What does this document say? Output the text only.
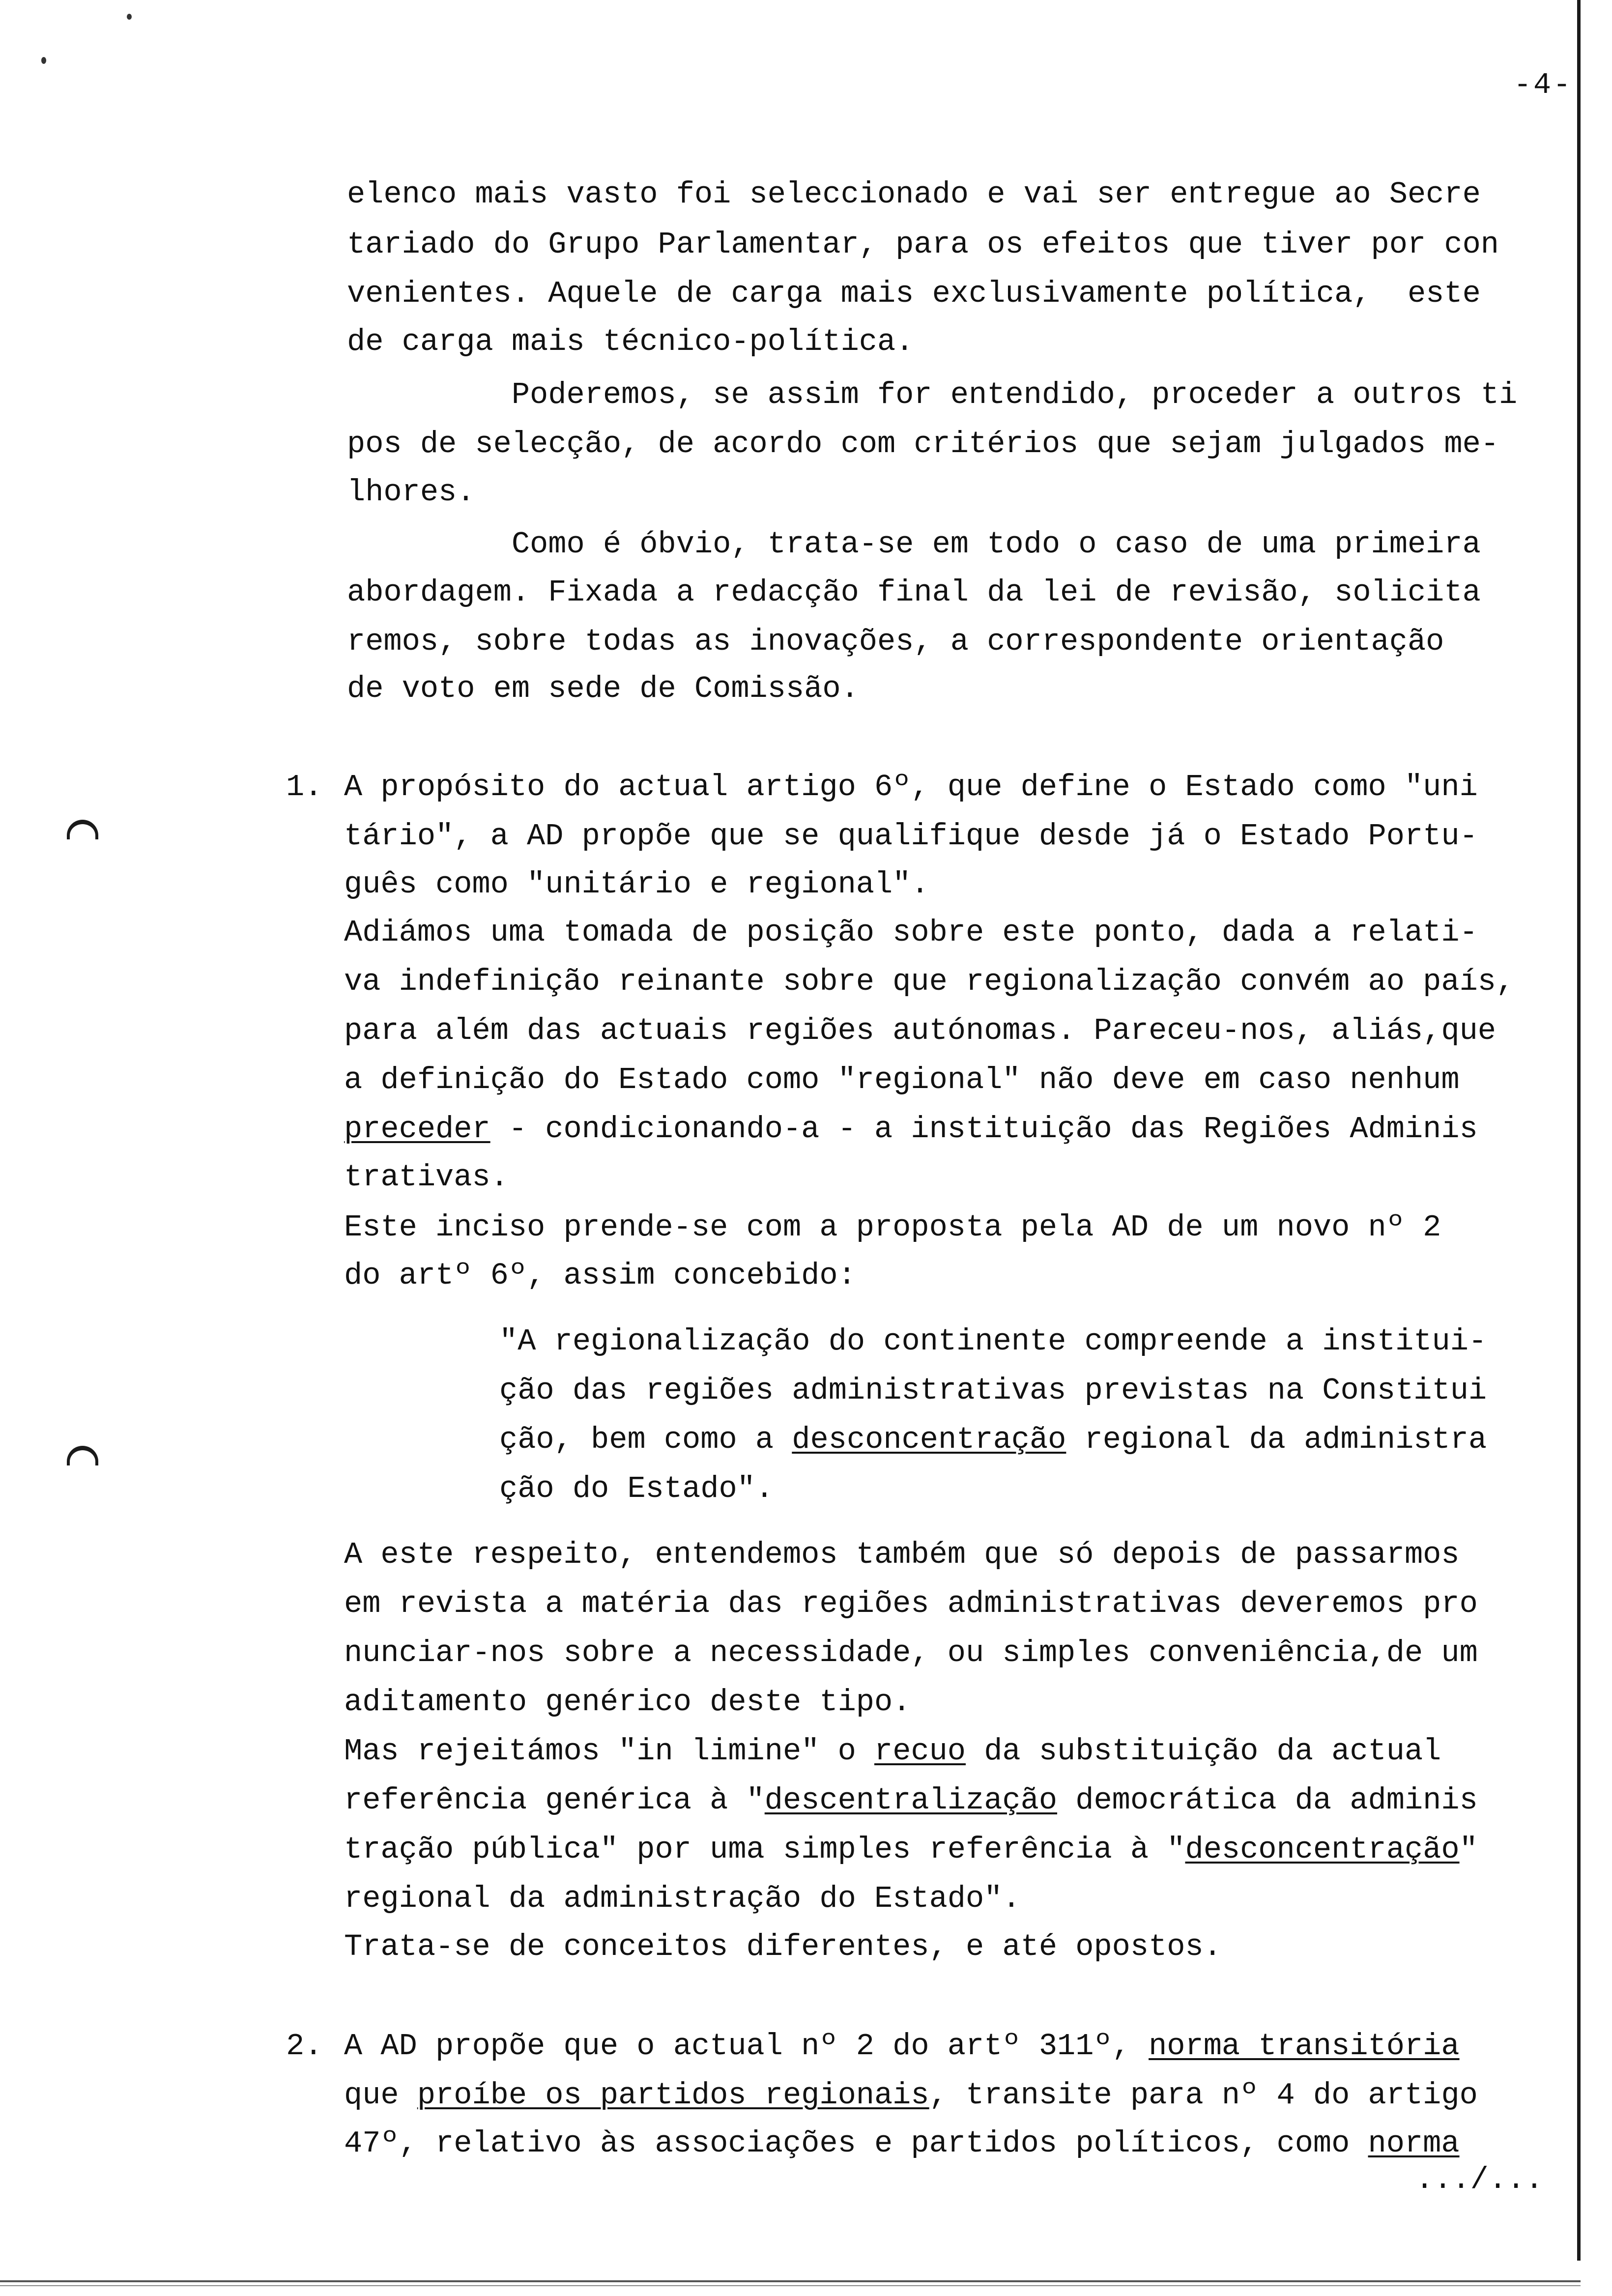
-4-
elenco mais vasto foi seleccionado e vai ser entregue ao Secre
tariado do Grupo Parlamentar, para os efeitos que tiver por con
venientes. Aquele de carga mais exclusivamente política,  este
de carga mais técnico-política.
Poderemos, se assim for entendido, proceder a outros ti
pos de selecção, de acordo com critérios que sejam julgados me-
lhores.
Como é óbvio, trata-se em todo o caso de uma primeira
abordagem. Fixada a redacção final da lei de revisão, solicita
remos, sobre todas as inovações, a correspondente orientação
de voto em sede de Comissão.
1. A propósito do actual artigo 6º, que define o Estado como "uni
tário", a AD propõe que se qualifique desde já o Estado Portu-
guês como "unitário e regional".
Adiámos uma tomada de posição sobre este ponto, dada a relati-
va indefinição reinante sobre que regionalização convém ao país,
para além das actuais regiões autónomas. Pareceu-nos, aliás,que
a definição do Estado como "regional" não deve em caso nenhum
preceder - condicionando-a - a instituição das Regiões Adminis
trativas.
Este inciso prende-se com a proposta pela AD de um novo nº 2
do artº 6º, assim concebido:
"A regionalização do continente compreende a institui-
ção das regiões administrativas previstas na Constitui
ção, bem como a desconcentração regional da administra
ção do Estado".
A este respeito, entendemos também que só depois de passarmos
em revista a matéria das regiões administrativas deveremos pro
nunciar-nos sobre a necessidade, ou simples conveniência,de um
aditamento genérico deste tipo.
Mas rejeitámos "in limine" o recuo da substituição da actual
referência genérica à "descentralização democrática da adminis
tração pública" por uma simples referência à "desconcentração"
regional da administração do Estado".
Trata-se de conceitos diferentes, e até opostos.
2. A AD propõe que o actual nº 2 do artº 311º, norma transitória
que proíbe os partidos regionais, transite para nº 4 do artigo
47º, relativo às associações e partidos políticos, como norma
.../...
